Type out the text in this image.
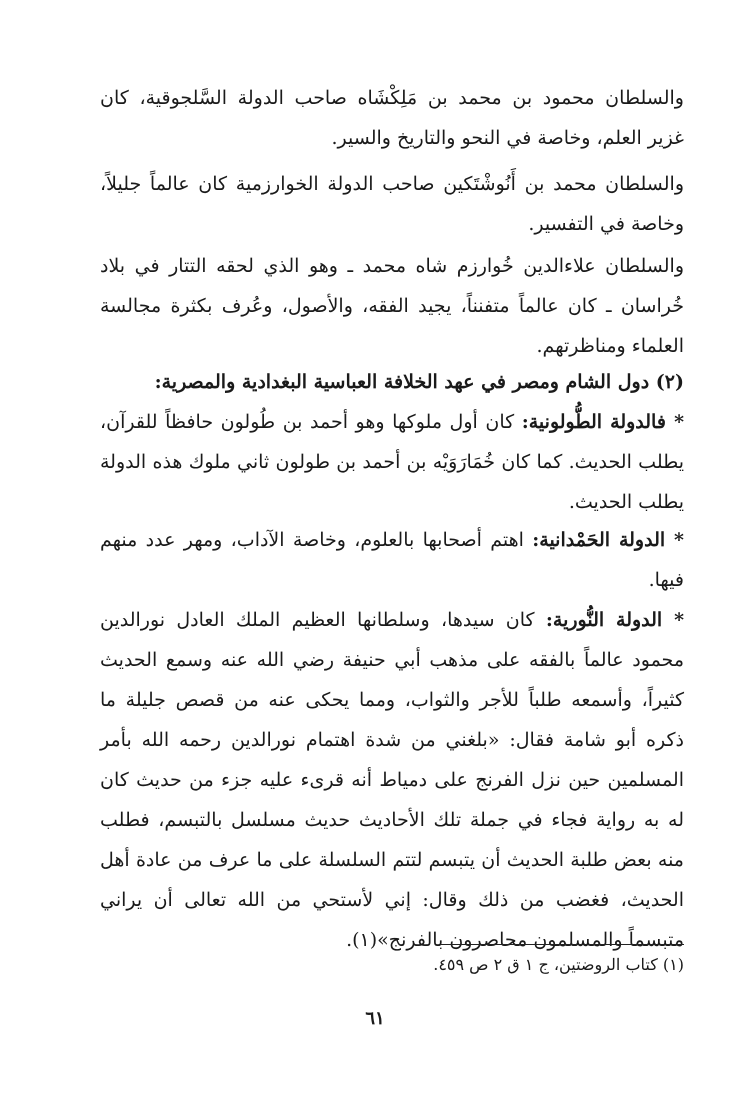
والسلطان محمود بن محمد بن مَلِكْشَاه صاحب الدولة السَّلجوقية، كان غزير العلم، وخاصة في النحو والتاريخ والسير.

والسلطان محمد بن أَنُوشْتَكين صاحب الدولة الخوارزمية كان عالماً جليلاً، وخاصة في التفسير.

والسلطان علاءالدين خُوارزم شاه محمد ـ وهو الذي لحقه التتار في بلاد خُراسان ـ كان عالماً متفنناً، يجيد الفقه، والأصول، وعُرف بكثرة مجالسة العلماء ومناظرتهم.

(٢) دول الشام ومصر في عهد الخلافة العباسية البغدادية والمصرية:

* فالدولة الطُّولونية: كان أول ملوكها وهو أحمد بن طُولون حافظاً للقرآن، يطلب الحديث. كما كان خُمَارَوَيْه بن أحمد بن طولون ثاني ملوك هذه الدولة يطلب الحديث.

* الدولة الحَمْدانية: اهتم أصحابها بالعلوم، وخاصة الآداب، ومهر عدد منهم فيها.

* الدولة النُّورية: كان سيدها، وسلطانها العظيم الملك العادل نورالدين محمود عالماً بالفقه على مذهب أبي حنيفة رضي الله عنه وسمع الحديث كثيراً، وأسمعه طلباً للأجر والثواب، ومما يحكى عنه من قصص جليلة ما ذكره أبو شامة فقال: «بلغني من شدة اهتمام نورالدين رحمه الله بأمر المسلمين حين نزل الفرنج على دمياط أنه قرىء عليه جزء من حديث كان له به رواية فجاء في جملة تلك الأحاديث حديث مسلسل بالتبسم، فطلب منه بعض طلبة الحديث أن يتبسم لتتم السلسلة على ما عرف من عادة أهل الحديث، فغضب من ذلك وقال: إني لأستحي من الله تعالى أن يراني متبسماً والمسلمون محاصرون بالفرنج»(١).

(١) كتاب الروضتين، ج ١ ق ٢ ص ٤٥٩.
٦١
